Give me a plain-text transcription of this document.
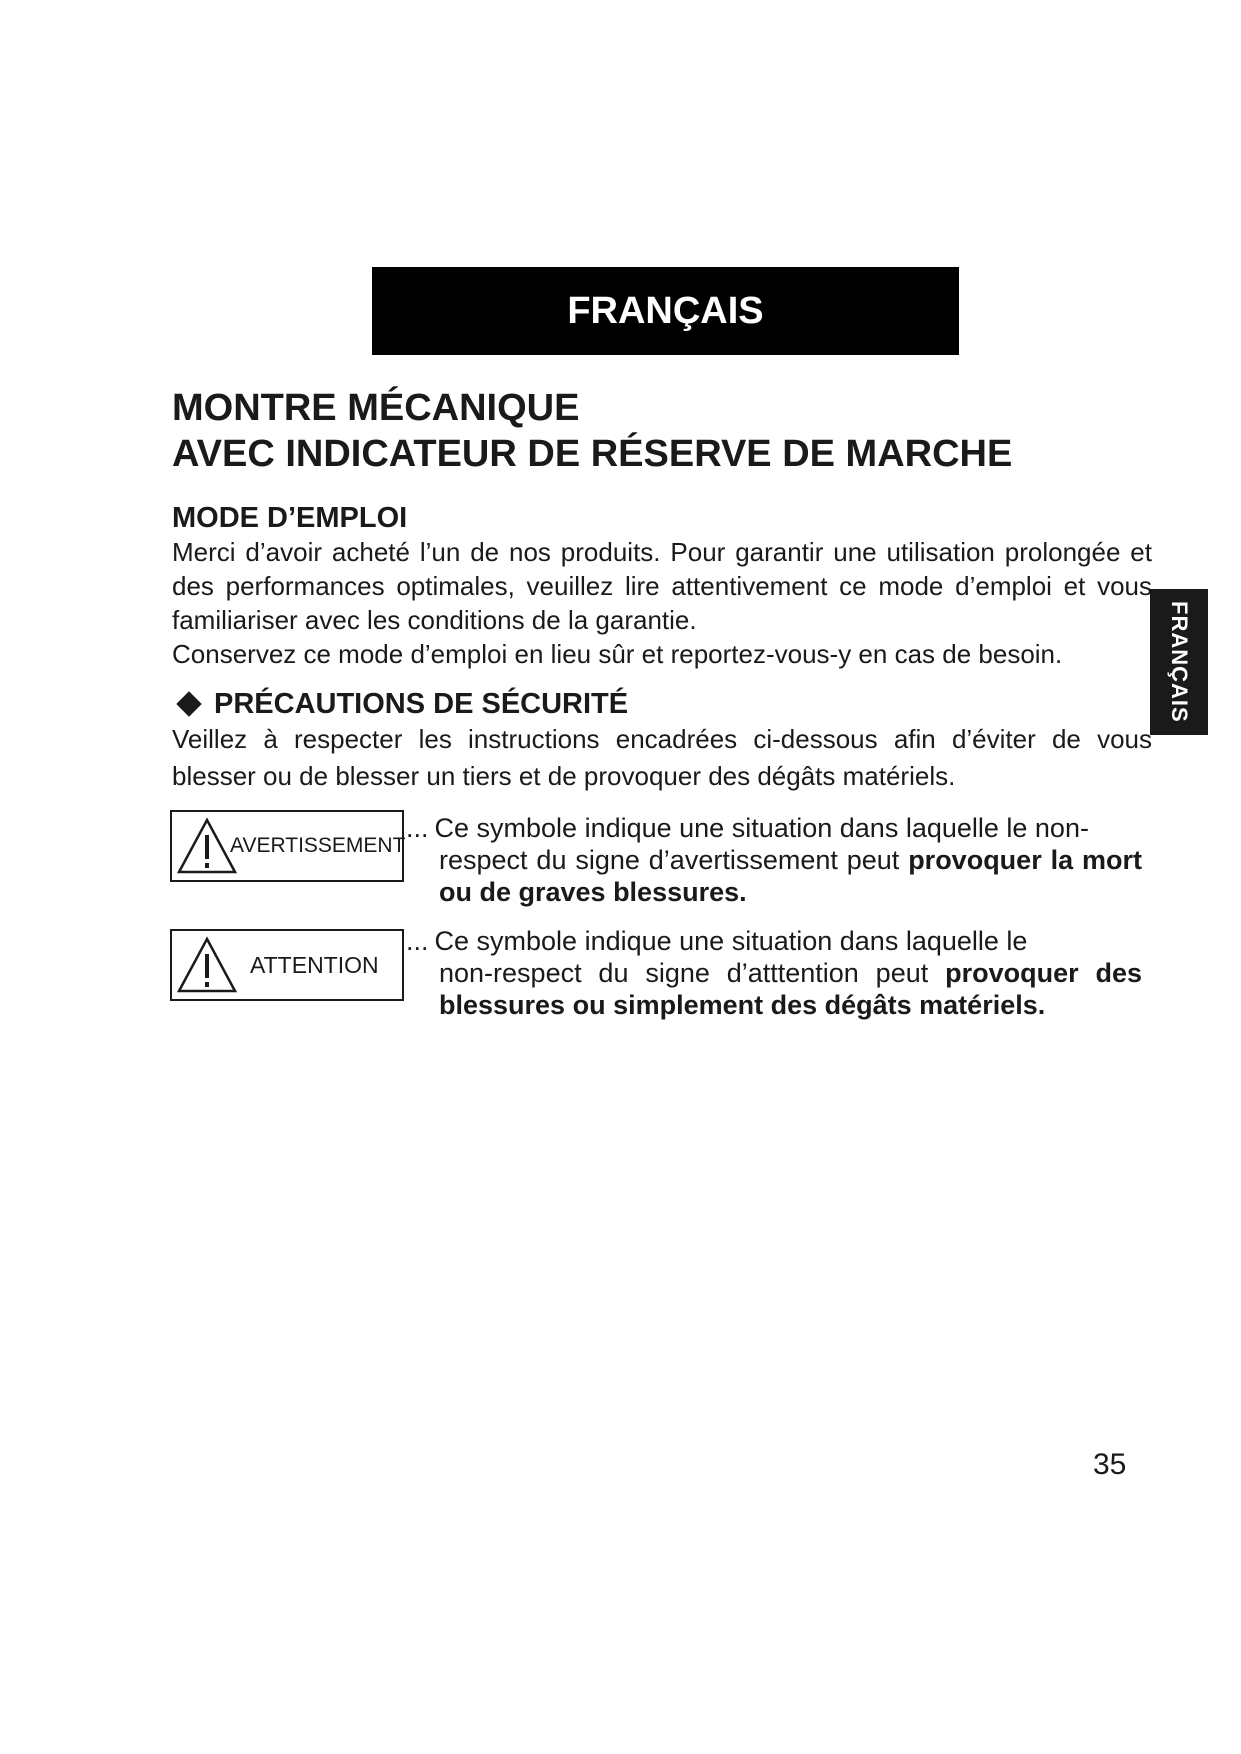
FRANÇAIS
FRANÇAIS
MONTRE MÉCANIQUE
AVEC INDICATEUR DE RÉSERVE DE MARCHE
MODE D’EMPLOI

Merci d’avoir acheté l’un de nos produits. Pour garantir une utilisation prolongée et des performances optimales, veuillez lire attentivement ce mode d’emploi et vous familiariser avec les conditions de la garantie.

Conservez ce mode d’emploi en lieu sûr et reportez-vous-y en cas de besoin.

PRÉCAUTIONS DE SÉCURITÉ

Veillez à respecter les instructions encadrées ci-dessous afin d’éviter de vous blesser ou de blesser un tiers et de provoquer des dégâts matériels.

AVERTISSEMENT

... Ce symbole indique une situation dans laquelle le non-
respect du signe d’avertissement peut provoquer la mort ou de graves blessures.

ATTENTION

... Ce symbole indique une situation dans laquelle le
non-respect du signe d’atttention peut provoquer des blessures ou simplement des dégâts matériels.

35
